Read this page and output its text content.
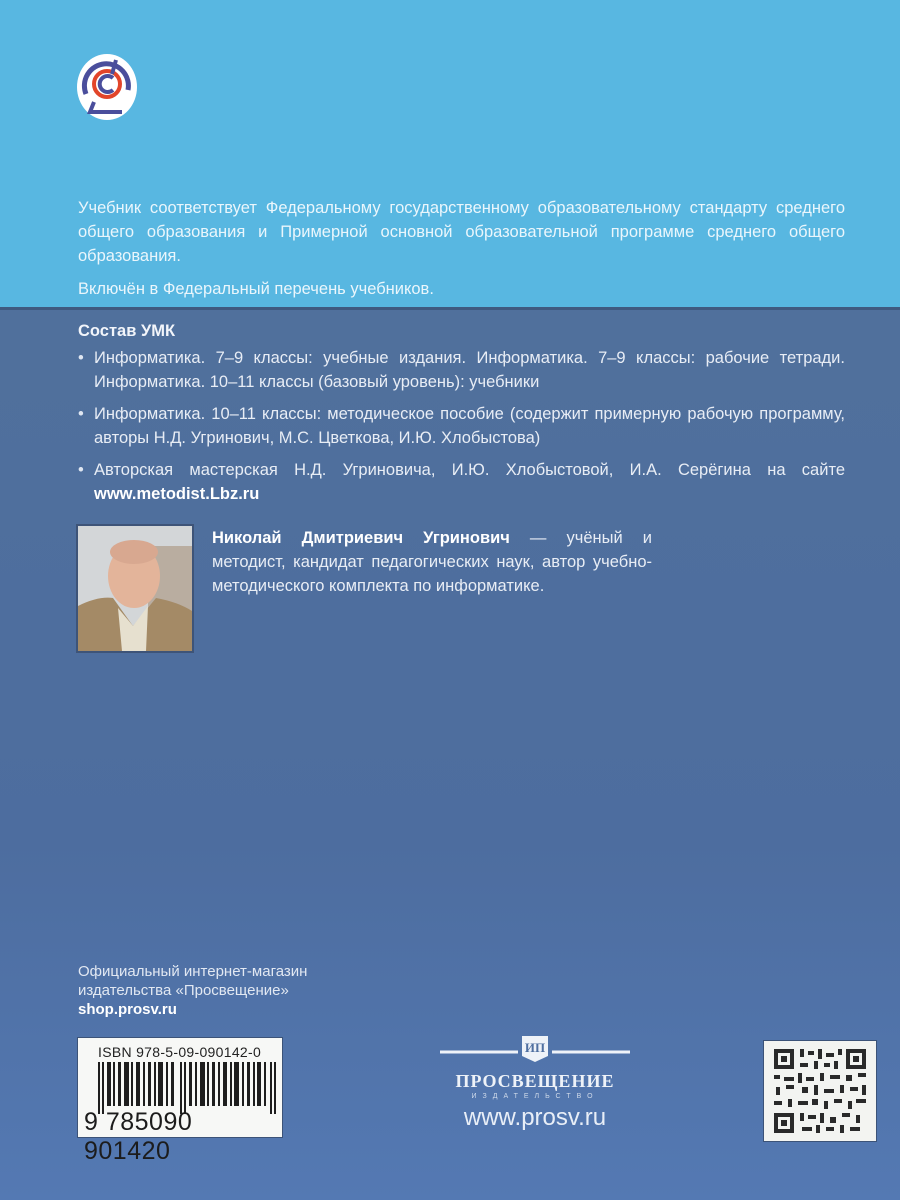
Учебник соответствует Федеральному государственному образовательному стандарту среднего общего образования и Примерной основной образовательной программе среднего общего образования.

Включён в Федеральный перечень учебников.

Состав УМК
• Информатика. 7–9 классы: учебные издания. Информатика. 7–9 классы: рабочие тетради. Информатика. 10–11 классы (базовый уровень): учебники
• Информатика. 10–11 классы: методическое пособие (содержит примерную рабочую программу, авторы Н.Д. Угринович, М.С. Цветкова, И.Ю. Хлобыстова)
• Авторская мастерская Н.Д. Угриновича, И.Ю. Хлобыстовой, И.А. Серёгина на сайте www.metodist.Lbz.ru
Николай Дмитриевич Угринович — учёный и методист, кандидат педагогических наук, автор учебно-методического комплекта по информатике.
Официальный интернет-магазин
издательства «Просвещение»
shop.prosv.ru
ISBN 978-5-09-090142-0
9 785090 901420
ИП
ПРОСВЕЩЕНИЕ
ИЗДАТЕЛЬСТВО
www.prosv.ru
